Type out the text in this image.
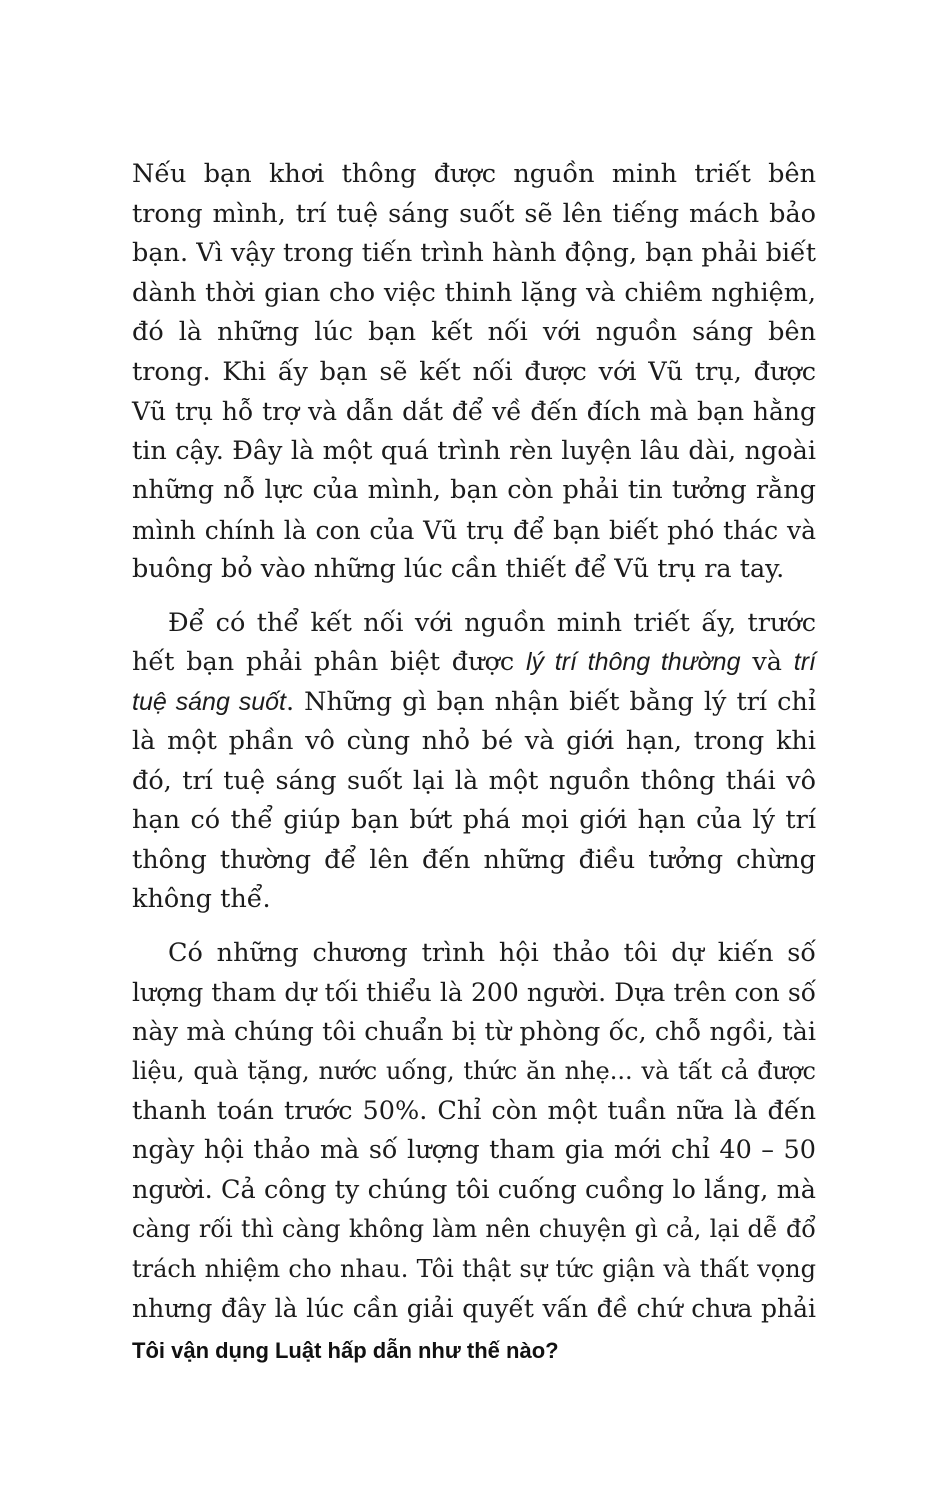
Nếu bạn khơi thông được nguồn minh triết bên
trong mình, trí tuệ sáng suốt sẽ lên tiếng mách bảo
bạn. Vì vậy trong tiến trình hành động, bạn phải biết
dành thời gian cho việc thinh lặng và chiêm nghiệm,
đó là những lúc bạn kết nối với nguồn sáng bên
trong. Khi ấy bạn sẽ kết nối được với Vũ trụ, được
Vũ trụ hỗ trợ và dẫn dắt để về đến đích mà bạn hằng
tin cậy. Đây là một quá trình rèn luyện lâu dài, ngoài
những nỗ lực của mình, bạn còn phải tin tưởng rằng
mình chính là con của Vũ trụ để bạn biết phó thác và
buông bỏ vào những lúc cần thiết để Vũ trụ ra tay.
Để có thể kết nối với nguồn minh triết ấy, trước
hết bạn phải phân biệt được lý trí thông thường và trí
tuệ sáng suốt. Những gì bạn nhận biết bằng lý trí chỉ
là một phần vô cùng nhỏ bé và giới hạn, trong khi
đó, trí tuệ sáng suốt lại là một nguồn thông thái vô
hạn có thể giúp bạn bứt phá mọi giới hạn của lý trí
thông thường để lên đến những điều tưởng chừng
không thể.
Có những chương trình hội thảo tôi dự kiến số
lượng tham dự tối thiểu là 200 người. Dựa trên con số
này mà chúng tôi chuẩn bị từ phòng ốc, chỗ ngồi, tài
liệu, quà tặng, nước uống, thức ăn nhẹ... và tất cả được
thanh toán trước 50%. Chỉ còn một tuần nữa là đến
ngày hội thảo mà số lượng tham gia mới chỉ 40 – 50
người. Cả công ty chúng tôi cuống cuồng lo lắng, mà
càng rối thì càng không làm nên chuyện gì cả, lại dễ đổ
trách nhiệm cho nhau. Tôi thật sự tức giận và thất vọng
nhưng đây là lúc cần giải quyết vấn đề chứ chưa phải
Tôi vận dụng Luật hấp dẫn như thế nào?
